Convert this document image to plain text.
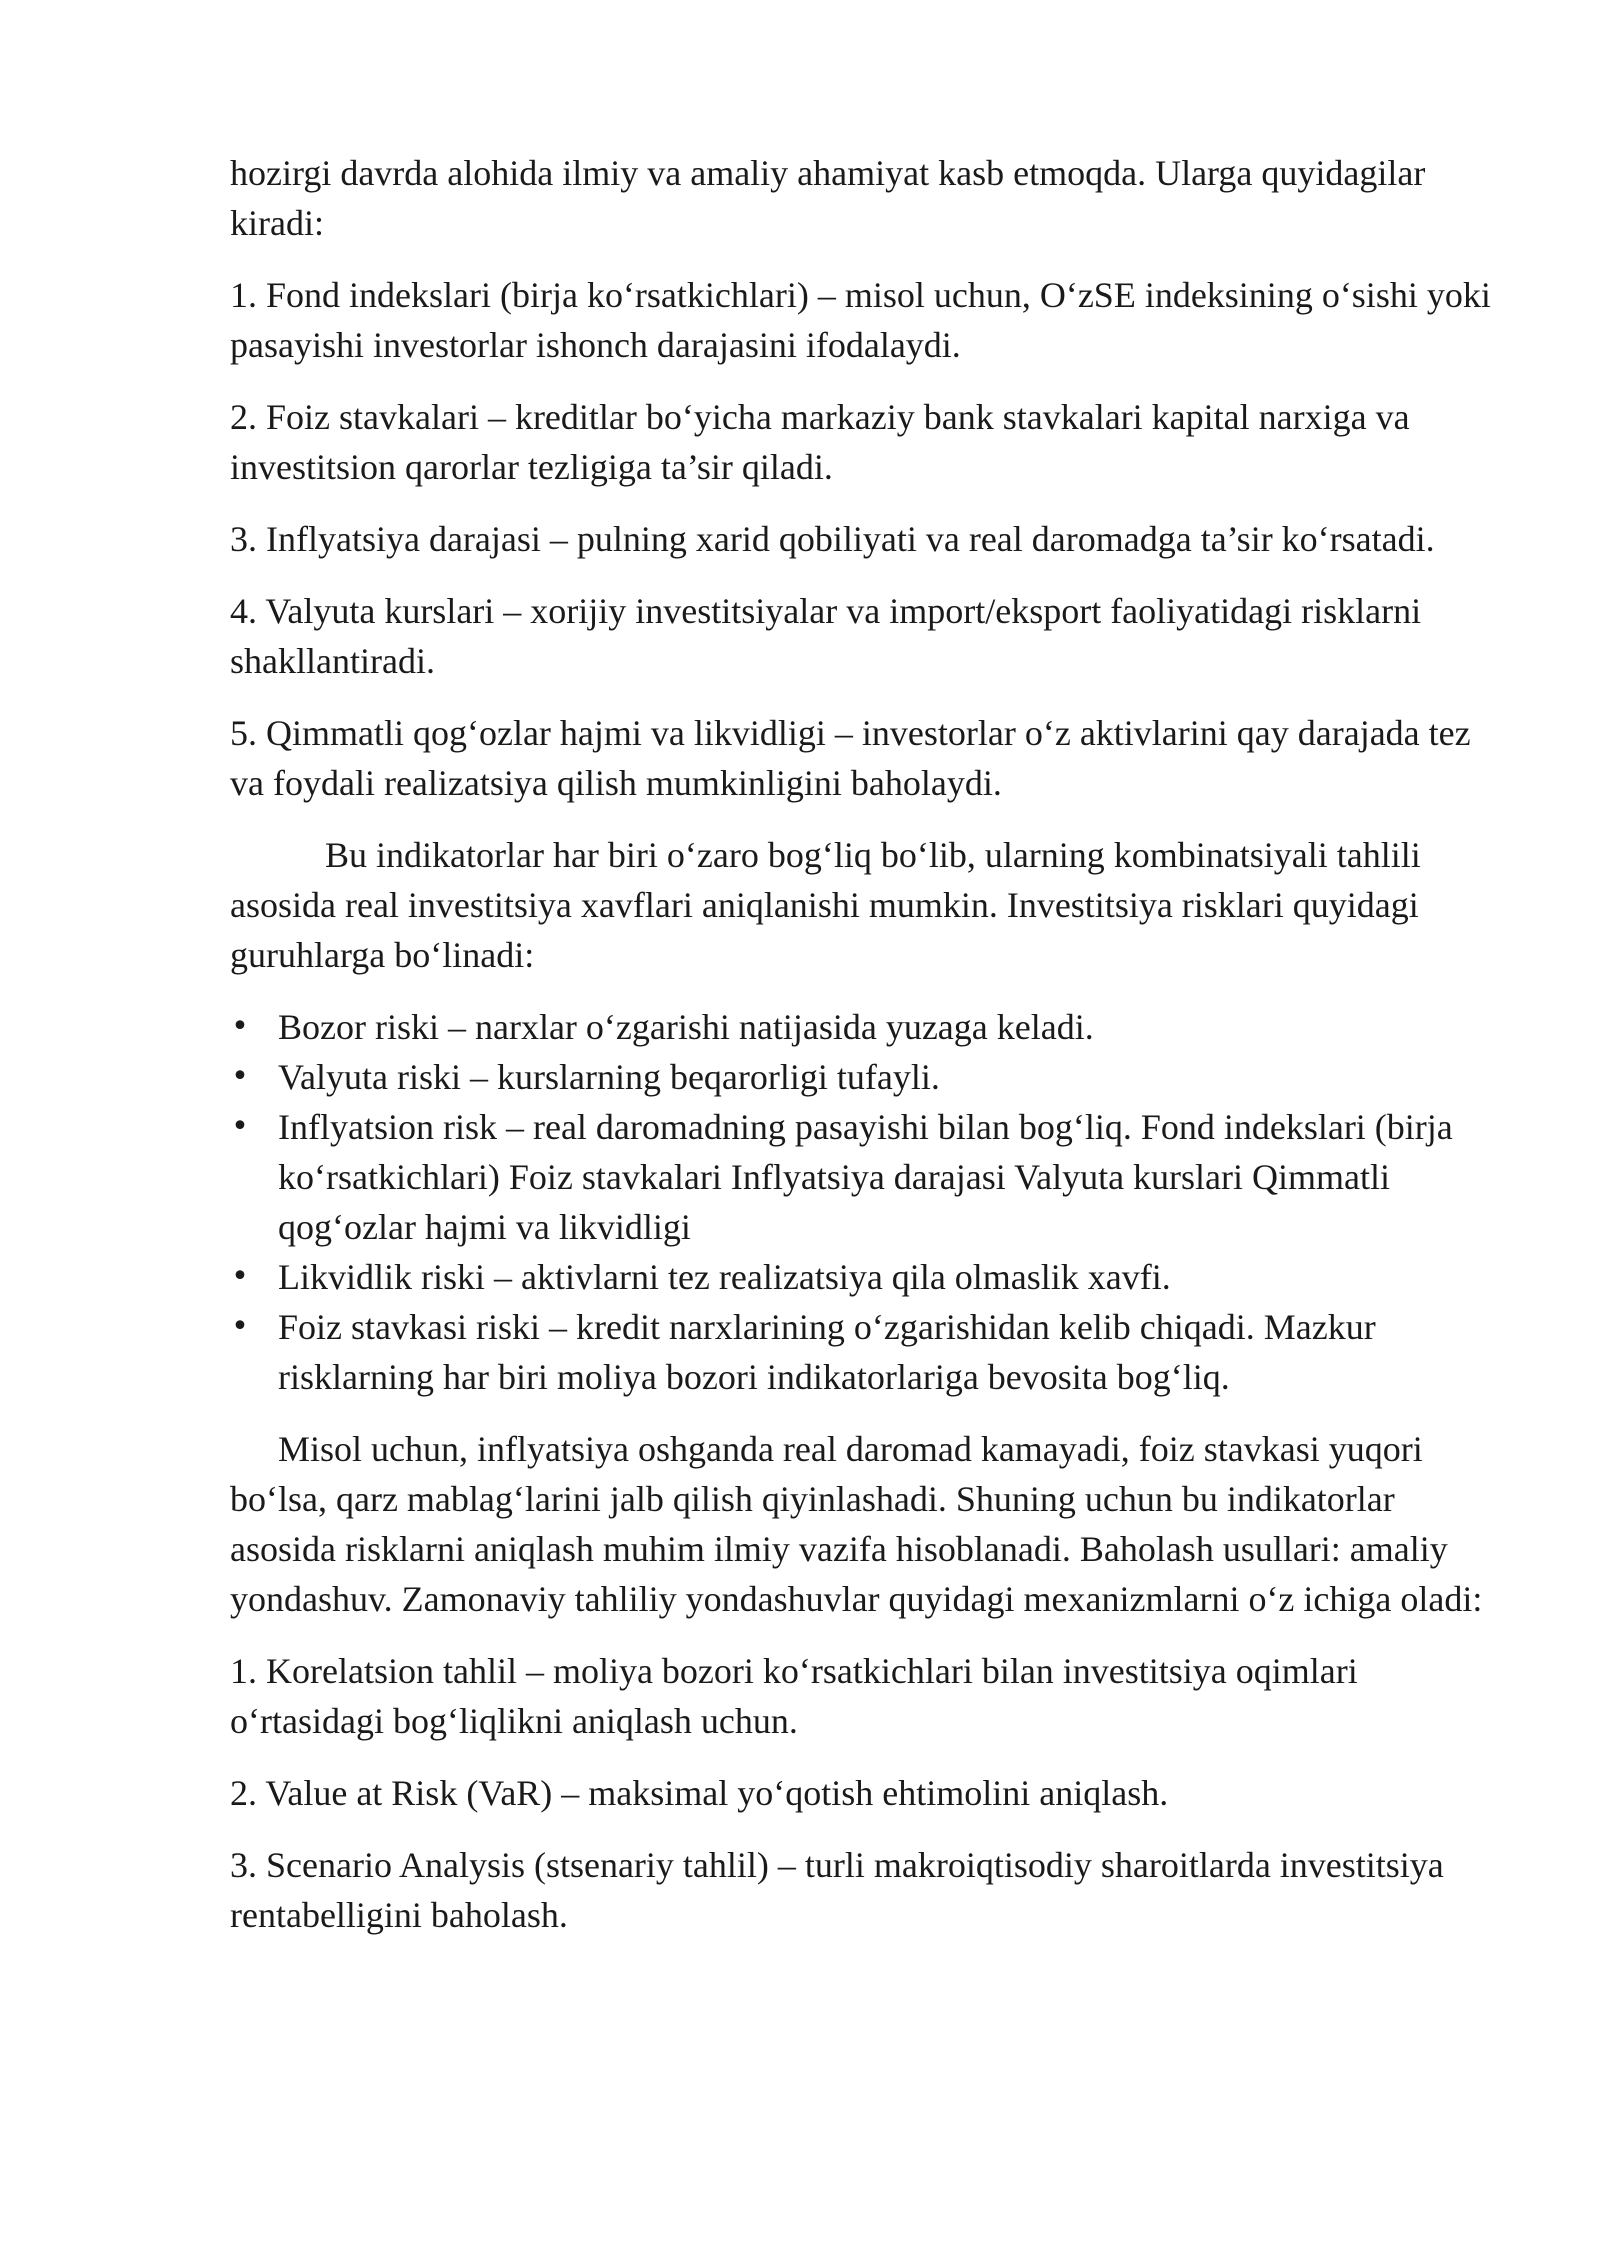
hozirgi davrda alohida ilmiy va amaliy ahamiyat kasb etmoqda. Ularga quyidagilar kiradi:

1. Fond indekslari (birja ko‘rsatkichlari) – misol uchun, O‘zSE indeksining o‘sishi yoki pasayishi investorlar ishonch darajasini ifodalaydi.

2. Foiz stavkalari – kreditlar bo‘yicha markaziy bank stavkalari kapital narxiga va investitsion qarorlar tezligiga ta’sir qiladi.

3. Inflyatsiya darajasi – pulning xarid qobiliyati va real daromadga ta’sir ko‘rsatadi.

4. Valyuta kurslari – xorijiy investitsiyalar va import/eksport faoliyatidagi risklarni shakllantiradi.

5. Qimmatli qog‘ozlar hajmi va likvidligi – investorlar o‘z aktivlarini qay darajada tez va foydali realizatsiya qilish mumkinligini baholaydi.

Bu indikatorlar har biri o‘zaro bog‘liq bo‘lib, ularning kombinatsiyali tahlili asosida real investitsiya xavflari aniqlanishi mumkin. Investitsiya risklari quyidagi guruhlarga bo‘linadi:

• Bozor riski – narxlar o‘zgarishi natijasida yuzaga keladi.
• Valyuta riski – kurslarning beqarorligi tufayli.
• Inflyatsion risk – real daromadning pasayishi bilan bog‘liq. Fond indekslari (birja ko‘rsatkichlari) Foiz stavkalari Inflyatsiya darajasi Valyuta kurslari Qimmatli qog‘ozlar hajmi va likvidligi
• Likvidlik riski – aktivlarni tez realizatsiya qila olmaslik xavfi.
• Foiz stavkasi riski – kredit narxlarining o‘zgarishidan kelib chiqadi. Mazkur risklarning har biri moliya bozori indikatorlariga bevosita bog‘liq.

Misol uchun, inflyatsiya oshganda real daromad kamayadi, foiz stavkasi yuqori bo‘lsa, qarz mablag‘larini jalb qilish qiyinlashadi. Shuning uchun bu indikatorlar asosida risklarni aniqlash muhim ilmiy vazifa hisoblanadi. Baholash usullari: amaliy yondashuv. Zamonaviy tahliliy yondashuvlar quyidagi mexanizmlarni o‘z ichiga oladi:

1. Korelatsion tahlil – moliya bozori ko‘rsatkichlari bilan investitsiya oqimlari o‘rtasidagi bog‘liqlikni aniqlash uchun.

2. Value at Risk (VaR) – maksimal yo‘qotish ehtimolini aniqlash.

3. Scenario Analysis (stsenariy tahlil) – turli makroiqtisodiy sharoitlarda investitsiya rentabelligini baholash.
